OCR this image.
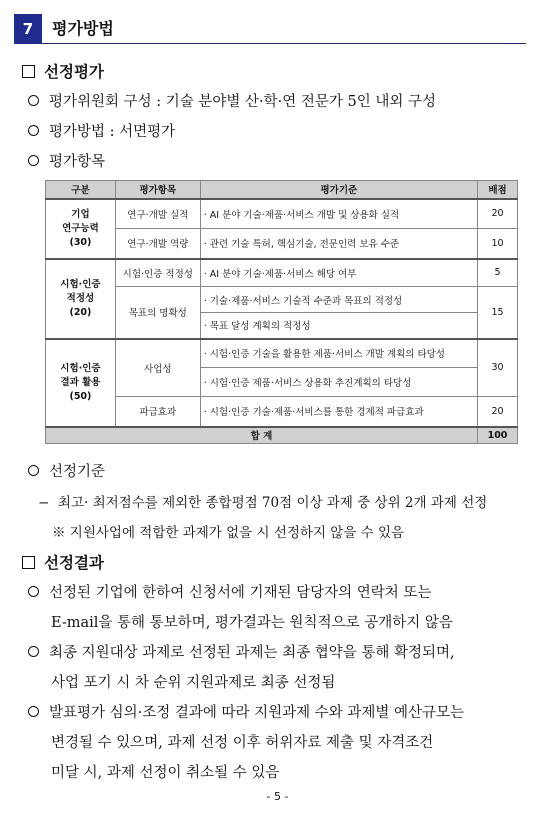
7	평가방법
선정평가
평가위원회 구성 : 기술 분야별 산·학·연 전문가 5인 내외 구성
평가방법 : 서면평가
평가항목
구분	평가항목	평가기준	배점

기업
연구능력
(30)	연구·개발 실적	· AI 분야 기술·제품·서비스 개발 및 상용화 실적	20
	연구·개발 역량	· 관련 기술 특허, 핵심기술, 전문인력 보유 수준	10

시험·인증
적정성
(20)	시험·인증 적정성	· AI 분야 기술·제품·서비스 해당 여부	5
	목표의 명확성	· 기술·제품·서비스 기술적 수준과 목표의 적정성	15
		· 목표 달성 계획의 적정성	

시험·인증
결과 활용
(50)	사업성	· 시험·인증 기술을 활용한 제품·서비스 개발 계획의 타당성	30
		· 시험·인증 제품·서비스 상용화 추진계획의 타당성	
	파급효과	· 시험·인증 기술·제품·서비스를 통한 경제적 파급효과	20
합 계			100
선정기준
− 최고· 최저점수를 제외한 종합평점 70점 이상 과제 중 상위 2개 과제 선정
※ 지원사업에 적합한 과제가 없을 시 선정하지 않을 수 있음
선정결과
선정된 기업에 한하여 신청서에 기재된 담당자의 연락처 또는
E-mail을 통해 통보하며, 평가결과는 원칙적으로 공개하지 않음
최종 지원대상 과제로 선정된 과제는 최종 협약을 통해 확정되며,
사업 포기 시 차 순위 지원과제로 최종 선정됨
발표평가 심의·조정 결과에 따라 지원과제 수와 과제별 예산규모는
변경될 수 있으며, 과제 선정 이후 허위자료 제출 및 자격조건
미달 시, 과제 선정이 취소될 수 있음
- 5 -
